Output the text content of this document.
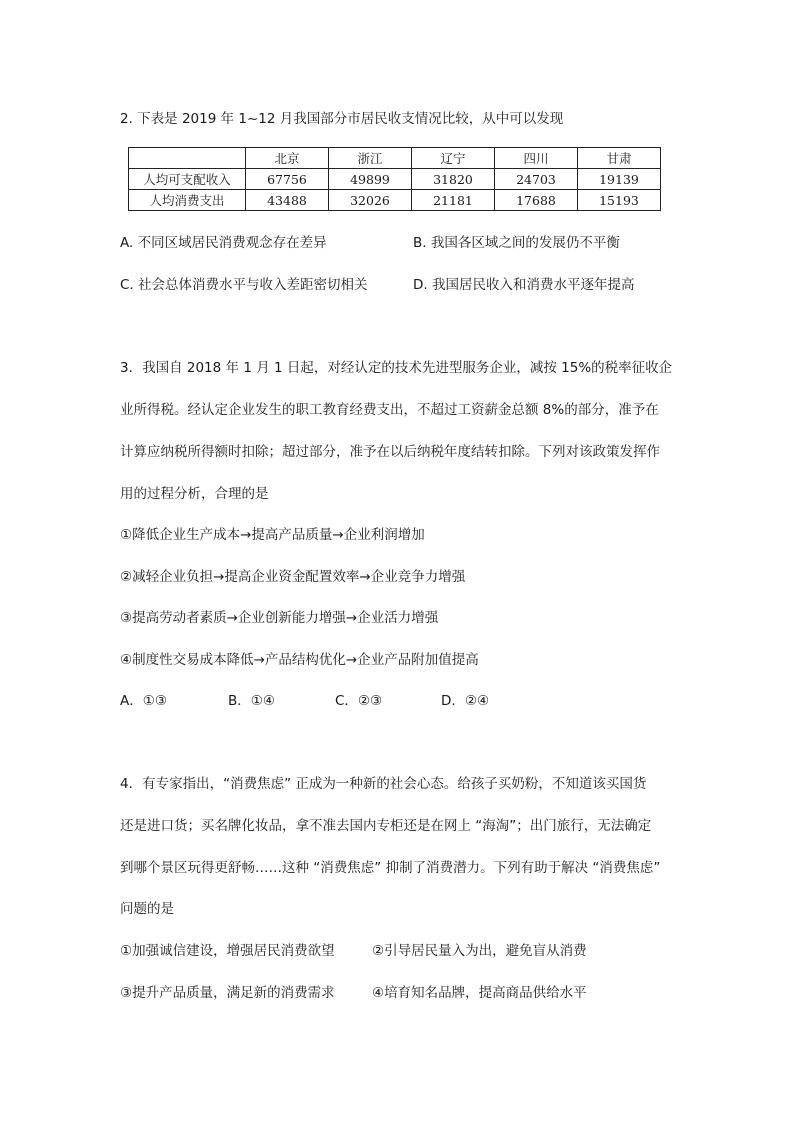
2. 下表是 2019 年 1~12 月我国部分市居民收支情况比较，从中可以发现
	北京	浙江	辽宁	四川	甘肃
人均可支配收入	67756	49899	31820	24703	19139
人均消费支出	43488	32026	21181	17688	15193
A. 不同区域居民消费观念存在差异	B. 我国各区域之间的发展仍不平衡
C. 社会总体消费水平与收入差距密切相关	D. 我国居民收入和消费水平逐年提高
3．我国自 2018 年 1 月 1 日起，对经认定的技术先进型服务企业，减按 15%的税率征收企
业所得税。经认定企业发生的职工教育经费支出，不超过工资薪金总额 8%的部分，准予在
计算应纳税所得额时扣除；超过部分，准予在以后纳税年度结转扣除。下列对该政策发挥作
用的过程分析，合理的是
①降低企业生产成本→提高产品质量→企业利润增加
②减轻企业负担→提高企业资金配置效率→企业竞争力增强
③提高劳动者素质→企业创新能力增强→企业活力增强
④制度性交易成本降低→产品结构优化→企业产品附加值提高
A．①③	B．①④	C．②③	D．②④
4．有专家指出，“消费焦虑” 正成为一种新的社会心态。给孩子买奶粉，不知道该买国货
还是进口货；买名牌化妆品，拿不准去国内专柜还是在网上 “海淘”；出门旅行，无法确定
到哪个景区玩得更舒畅……这种 “消费焦虑” 抑制了消费潜力。下列有助于解决 “消费焦虑”
问题的是
①加强诚信建设，增强居民消费欲望	②引导居民量入为出，避免盲从消费
③提升产品质量，满足新的消费需求	④培育知名品牌，提高商品供给水平
